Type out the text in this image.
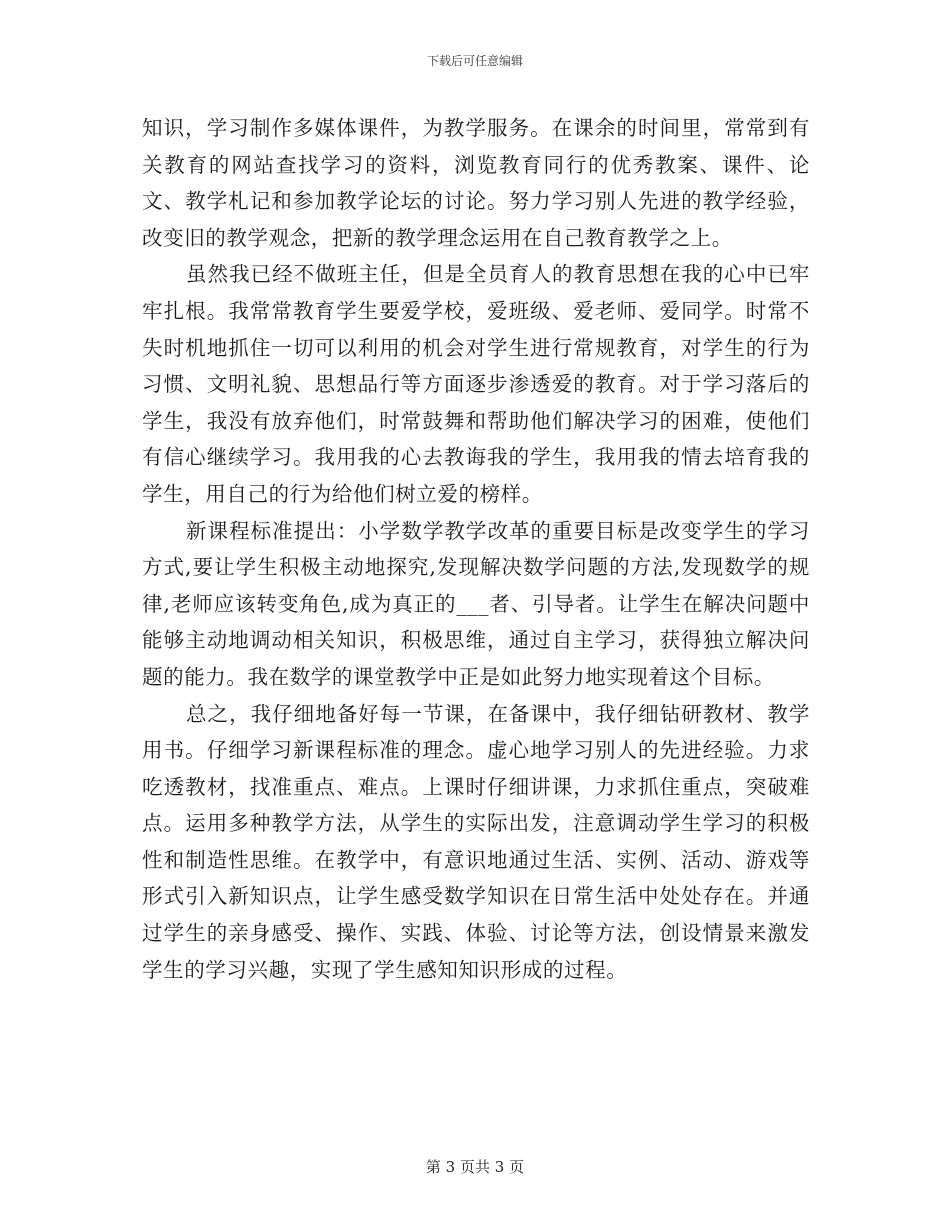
下载后可任意编辑

知识，学习制作多媒体课件，为教学服务。在课余的时间里，常常到有关教育的网站查找学习的资料，浏览教育同行的优秀教案、课件、论文、教学札记和参加教学论坛的讨论。努力学习别人先进的教学经验，改变旧的教学观念，把新的教学理念运用在自己教育教学之上。

虽然我已经不做班主任，但是全员育人的教育思想在我的心中已牢牢扎根。我常常教育学生要爱学校，爱班级、爱老师、爱同学。时常不失时机地抓住一切可以利用的机会对学生进行常规教育，对学生的行为习惯、文明礼貌、思想品行等方面逐步渗透爱的教育。对于学习落后的学生，我没有放弃他们，时常鼓舞和帮助他们解决学习的困难，使他们有信心继续学习。我用我的心去教诲我的学生，我用我的情去培育我的学生，用自己的行为给他们树立爱的榜样。

新课程标准提出：小学数学教学改革的重要目标是改变学生的学习方式,要让学生积极主动地探究,发现解决数学问题的方法,发现数学的规律,老师应该转变角色,成为真正的___者、引导者。让学生在解决问题中能够主动地调动相关知识，积极思维，通过自主学习，获得独立解决问题的能力。我在数学的课堂教学中正是如此努力地实现着这个目标。

总之，我仔细地备好每一节课，在备课中，我仔细钻研教材、教学用书。仔细学习新课程标准的理念。虚心地学习别人的先进经验。力求吃透教材，找准重点、难点。上课时仔细讲课，力求抓住重点，突破难点。运用多种教学方法，从学生的实际出发，注意调动学生学习的积极性和制造性思维。在教学中，有意识地通过生活、实例、活动、游戏等形式引入新知识点，让学生感受数学知识在日常生活中处处存在。并通过学生的亲身感受、操作、实践、体验、讨论等方法，创设情景来激发学生的学习兴趣，实现了学生感知知识形成的过程。

第 3 页共 3 页
